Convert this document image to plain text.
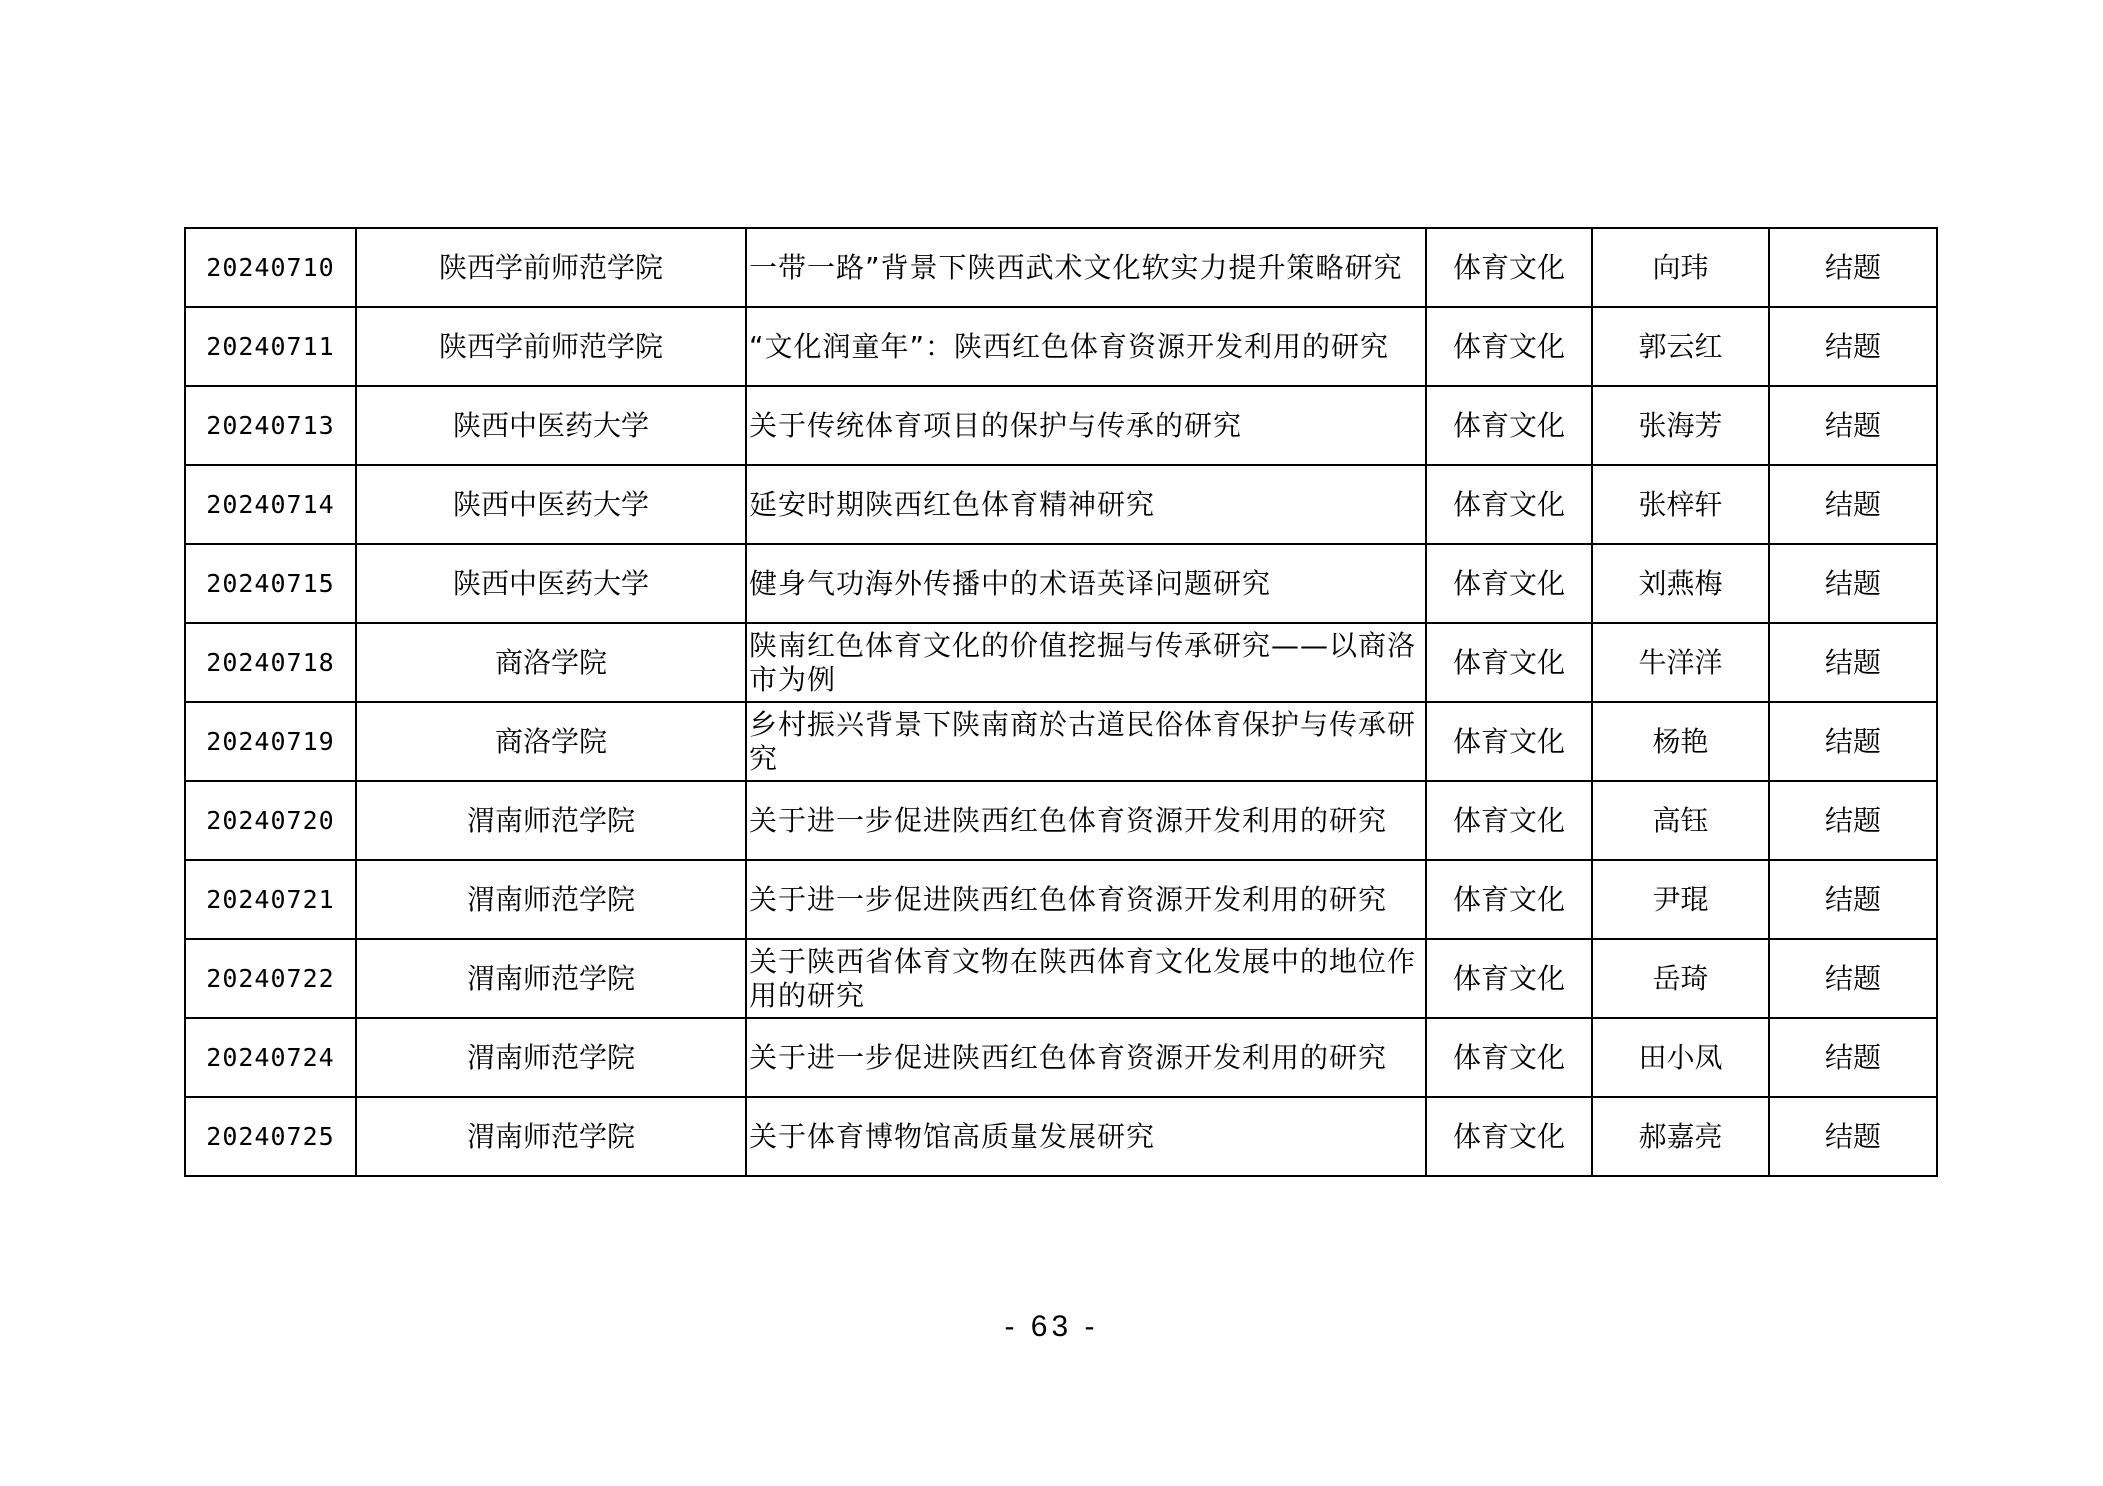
20240710	陕西学前师范学院	一带一路”背景下陕西武术文化软实力提升策略研究	体育文化	向玮	结题
20240711	陕西学前师范学院	“文化润童年”：陕西红色体育资源开发利用的研究	体育文化	郭云红	结题
20240713	陕西中医药大学	关于传统体育项目的保护与传承的研究	体育文化	张海芳	结题
20240714	陕西中医药大学	延安时期陕西红色体育精神研究	体育文化	张梓轩	结题
20240715	陕西中医药大学	健身气功海外传播中的术语英译问题研究	体育文化	刘燕梅	结题
20240718	商洛学院	陕南红色体育文化的价值挖掘与传承研究——以商洛市为例	体育文化	牛洋洋	结题
20240719	商洛学院	乡村振兴背景下陕南商於古道民俗体育保护与传承研究	体育文化	杨艳	结题
20240720	渭南师范学院	关于进一步促进陕西红色体育资源开发利用的研究	体育文化	高钰	结题
20240721	渭南师范学院	关于进一步促进陕西红色体育资源开发利用的研究	体育文化	尹琨	结题
20240722	渭南师范学院	关于陕西省体育文物在陕西体育文化发展中的地位作用的研究	体育文化	岳琦	结题
20240724	渭南师范学院	关于进一步促进陕西红色体育资源开发利用的研究	体育文化	田小凤	结题
20240725	渭南师范学院	关于体育博物馆高质量发展研究	体育文化	郝嘉亮	结题
- 63 -
